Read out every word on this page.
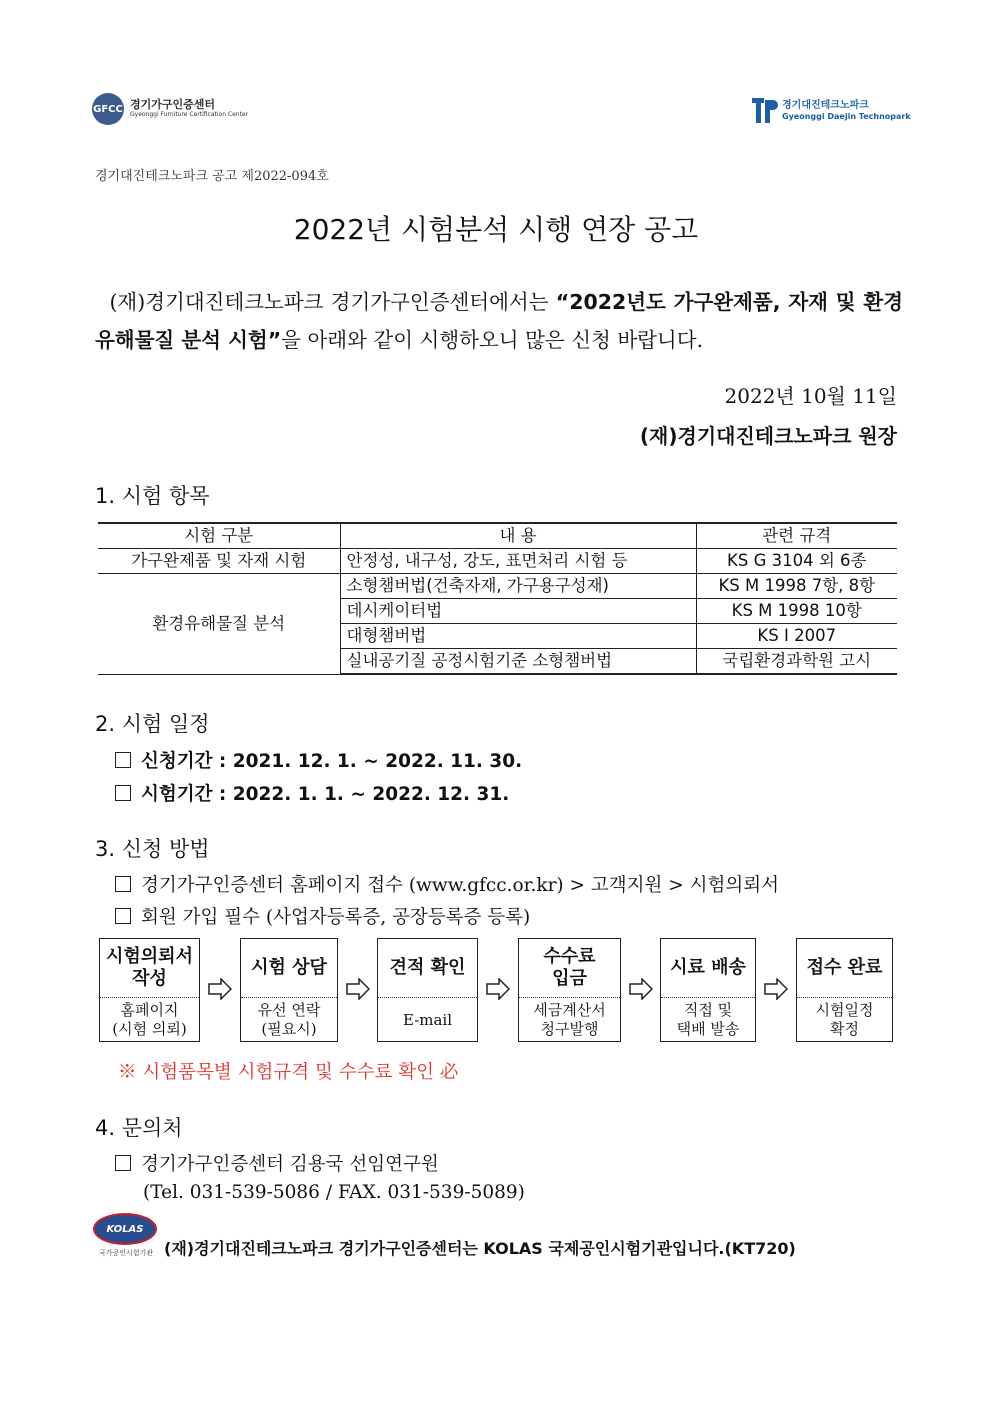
GFCC 경기가구인증센터
Gyeonggi Furniture Certification Center
경기대진테크노파크
Gyeonggi Daejin Technopark
경기대진테크노파크 공고 제2022-094호
2022년 시험분석 시행 연장 공고
(재)경기대진테크노파크 경기가구인증센터에서는 “2022년도 가구완제품, 자재 및 환경유해물질 분석 시험”을 아래와 같이 시행하오니 많은 신청 바랍니다.
2022년 10월 11일
(재)경기대진테크노파크 원장
1. 시험 항목
시험 구분	내 용	관련 규격
가구완제품 및 자재 시험	안정성, 내구성, 강도, 표면처리 시험 등	KS G 3104 외 6종
환경유해물질 분석	소형챔버법(건축자재, 가구용구성재)	KS M 1998 7항, 8항
	데시케이터법	KS M 1998 10항
	대형챔버법	KS I 2007
	실내공기질 공정시험기준 소형챔버법	국립환경과학원 고시
2. 시험 일정
신청기간 : 2021. 12. 1. ~ 2022. 11. 30.
시험기간 : 2022. 1. 1. ~ 2022. 12. 31.
3. 신청 방법
경기가구인증센터 홈페이지 접수 (www.gfcc.or.kr) > 고객지원 > 시험의뢰서
회원 가입 필수 (사업자등록증, 공장등록증 등록)
시험의뢰서
작성
홈페이지
(시험 의뢰)
시험 상담
유선 연락
(필요시)
견적 확인
E-mail
수수료
입금
세금계산서
청구발행
시료 배송
직접 및
택배 발송
접수 완료
시험일정
확정
※ 시험품목별 시험규격 및 수수료 확인 必
4. 문의처
경기가구인증센터 김용국 선임연구원
(Tel. 031-539-5086 / FAX. 031-539-5089)
KOLAS
국가공인시험기관 (재)경기대진테크노파크 경기가구인증센터는 KOLAS 국제공인시험기관입니다.(KT720)
